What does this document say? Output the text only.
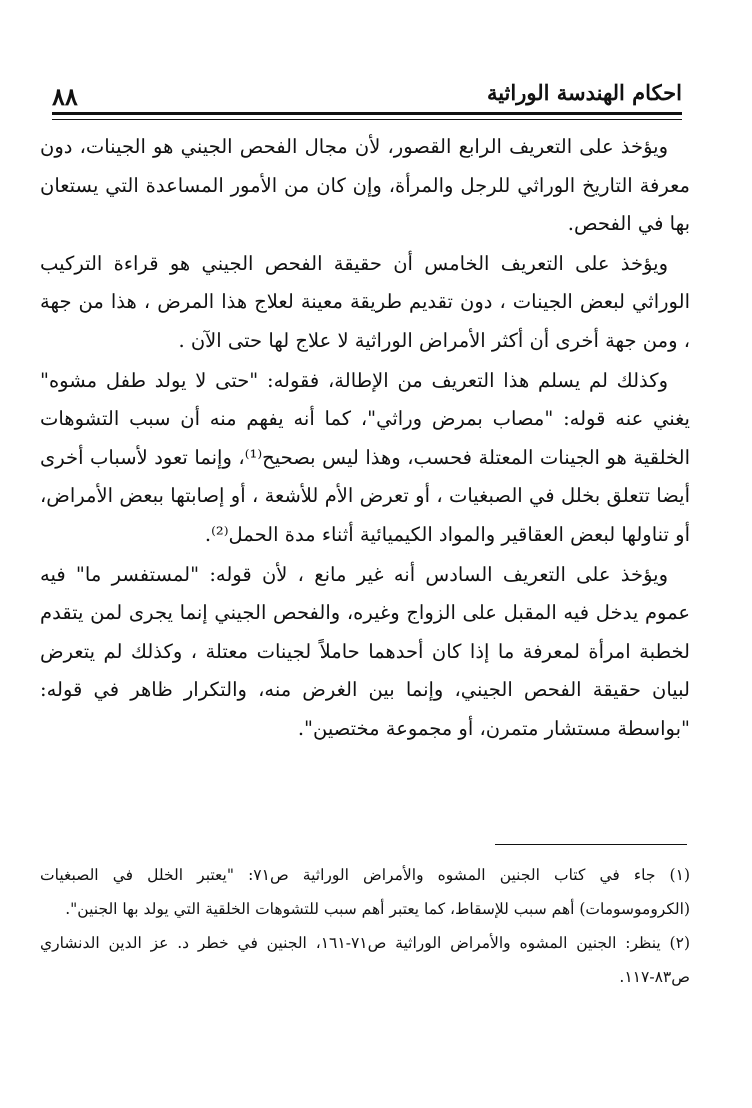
احكام الهندسة الوراثية
٨٨

ويؤخذ على التعريف الرابع القصور، لأن مجال الفحص الجيني هو الجينات، دون معرفة التاريخ الوراثي للرجل والمرأة، وإن كان من الأمور المساعدة التي يستعان بها في الفحص.

ويؤخذ على التعريف الخامس أن حقيقة الفحص الجيني هو قراءة التركيب الوراثي لبعض الجينات ، دون تقديم طريقة معينة لعلاج هذا المرض ، هذا من جهة ، ومن جهة أخرى أن أكثر الأمراض الوراثية لا علاج لها حتى الآن .

وكذلك لم يسلم هذا التعريف من الإطالة، فقوله: "حتى لا يولد طفل مشوه" يغني عنه قوله: "مصاب بمرض وراثي"، كما أنه يفهم منه أن سبب التشوهات الخلقية هو الجينات المعتلة فحسب، وهذا ليس بصحيح⁽¹⁾، وإنما تعود لأسباب أخرى أيضا تتعلق بخلل في الصبغيات ، أو تعرض الأم للأشعة ، أو إصابتها ببعض الأمراض، أو تناولها لبعض العقاقير والمواد الكيميائية أثناء مدة الحمل⁽²⁾.

ويؤخذ على التعريف السادس أنه غير مانع ، لأن قوله: "لمستفسر ما" فيه عموم يدخل فيه المقبل على الزواج وغيره، والفحص الجيني إنما يجرى لمن يتقدم لخطبة امرأة لمعرفة ما إذا كان أحدهما حاملاً لجينات معتلة ، وكذلك لم يتعرض لبيان حقيقة الفحص الجيني، وإنما بين الغرض منه، والتكرار ظاهر في قوله: "بواسطة مستشار متمرن، أو مجموعة مختصين".

(١) جاء في كتاب الجنين المشوه والأمراض الوراثية ص٧١: "يعتبر الخلل في الصبغيات (الكروموسومات) أهم سبب للإسقاط، كما يعتبر أهم سبب للتشوهات الخلقية التي يولد بها الجنين".

(٢) ينظر: الجنين المشوه والأمراض الوراثية ص٧١-١٦١، الجنين في خطر د. عز الدين الدنشاري ص٨٣-١١٧.
